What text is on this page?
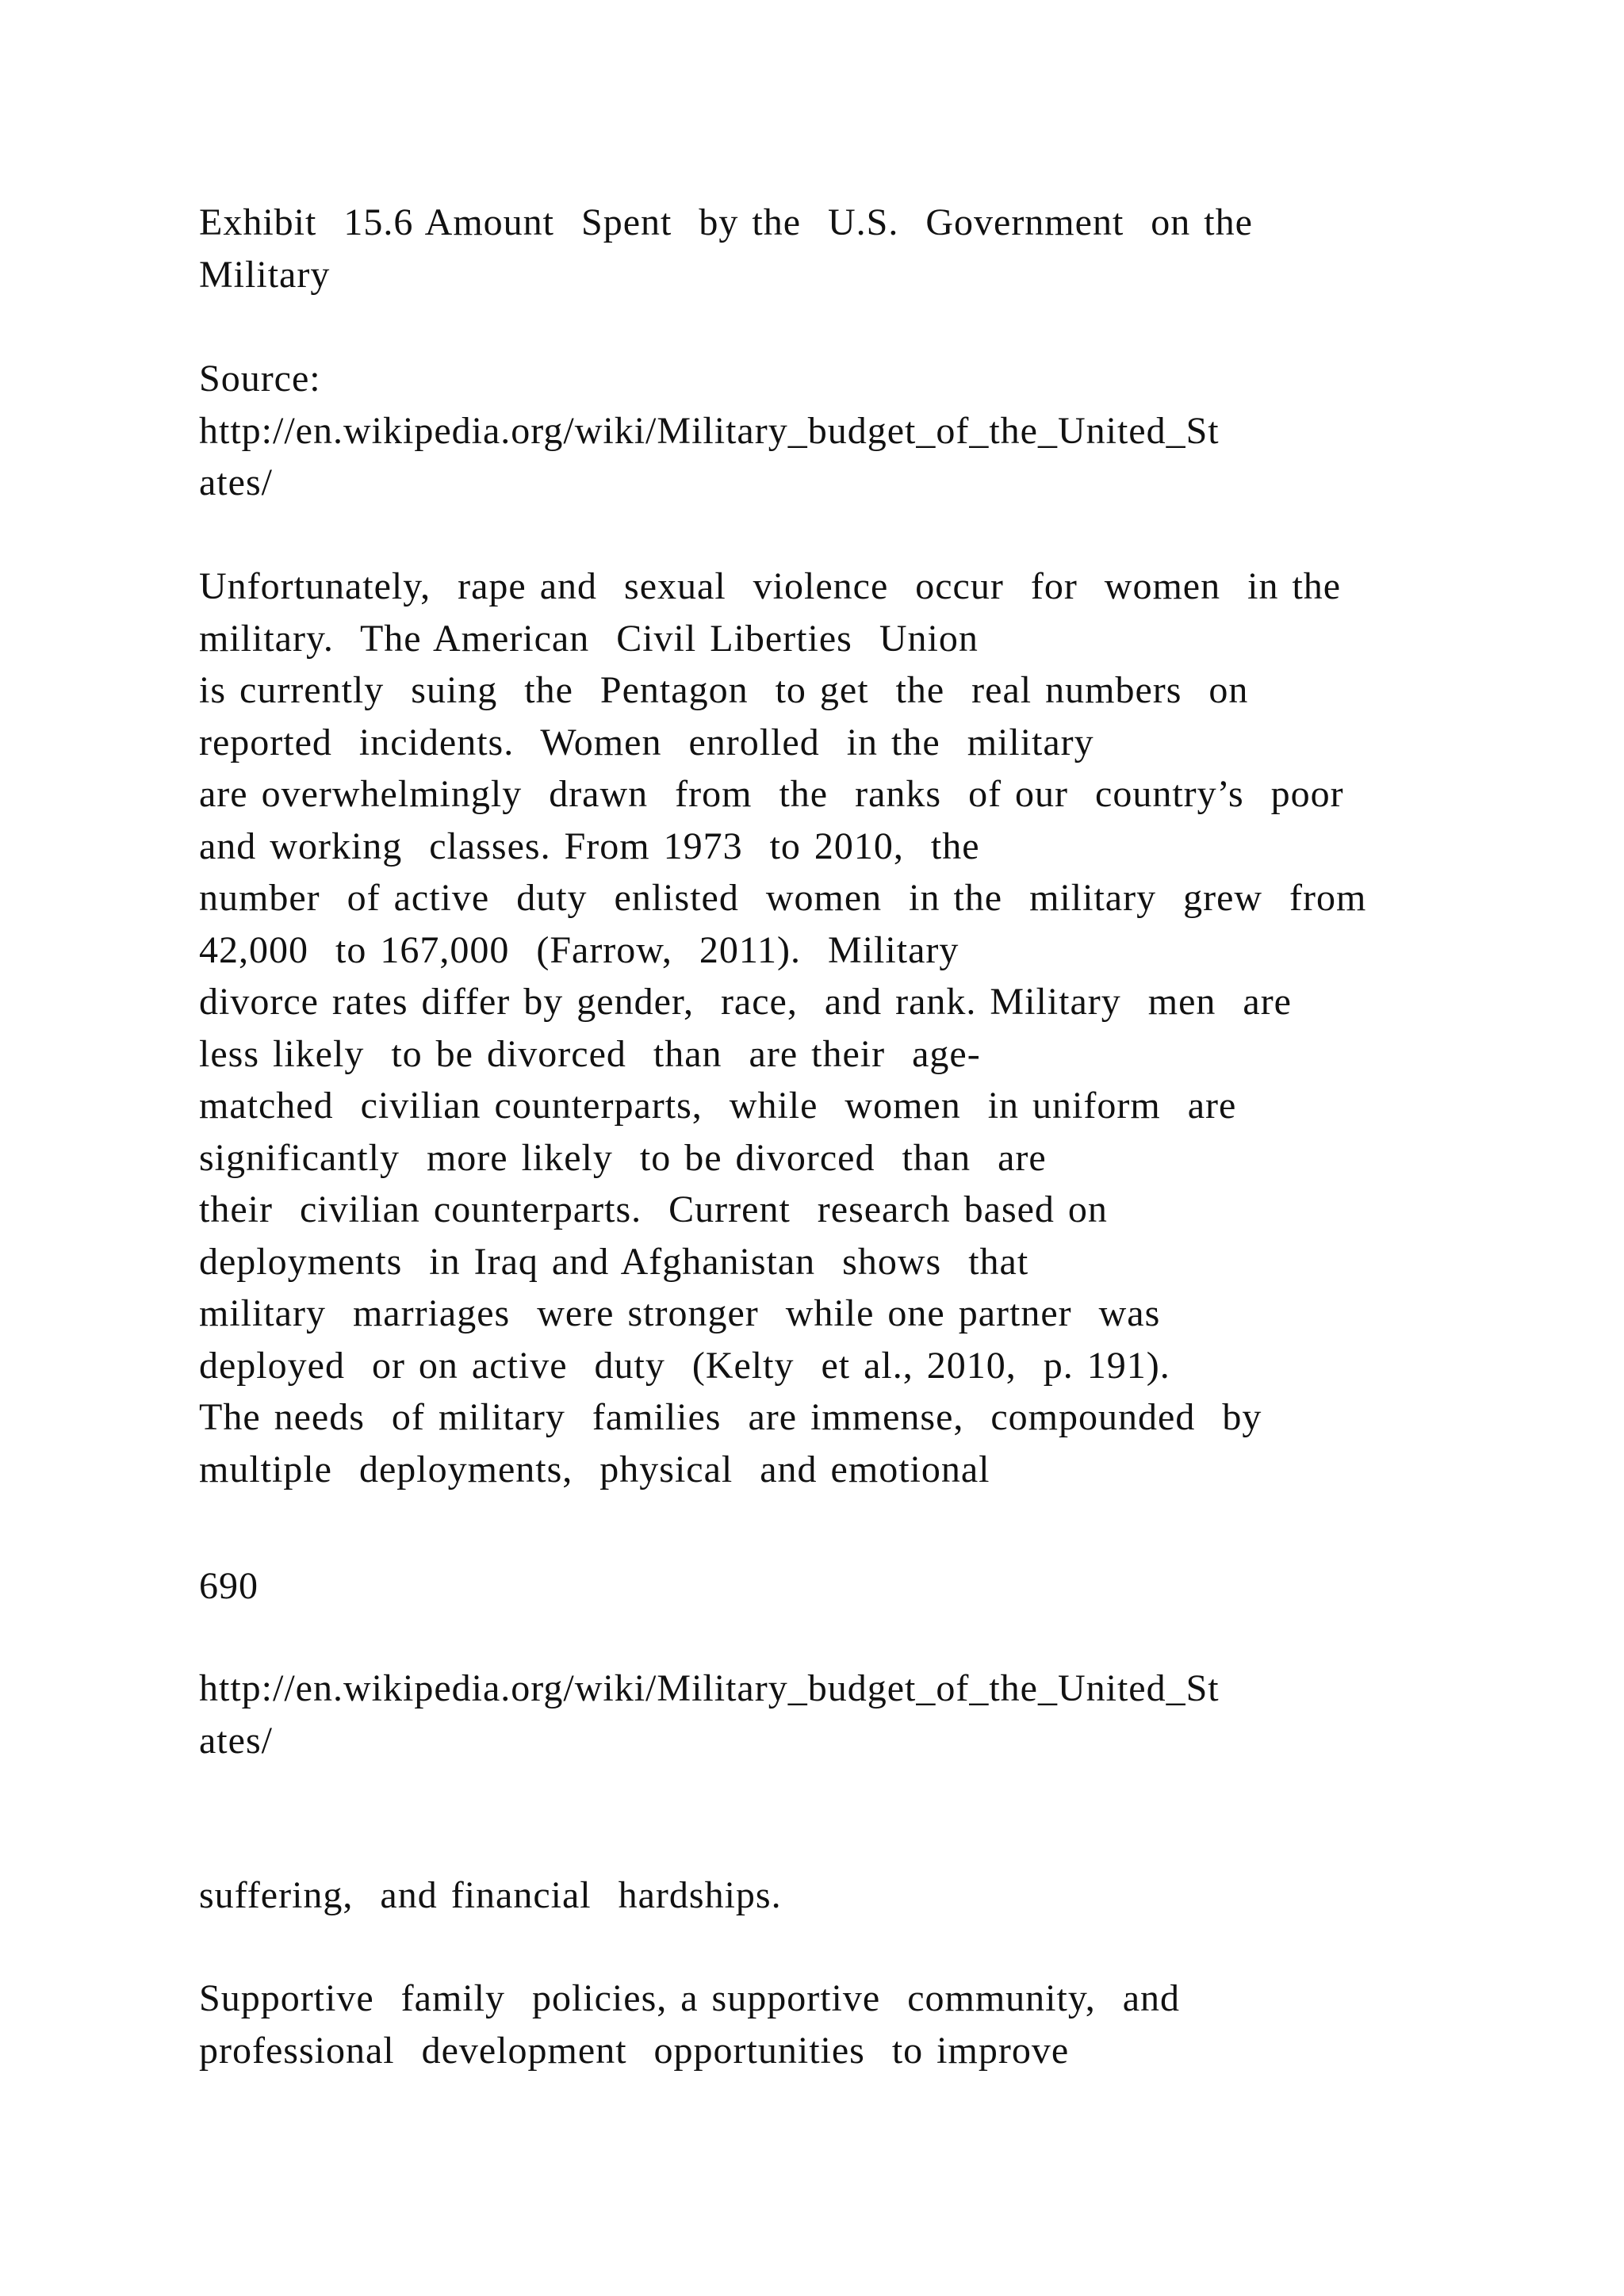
Exhibit  15.6 Amount  Spent  by the  U.S.  Government  on the
Military
Source:
http://en.wikipedia.org/wiki/Military_budget_of_the_United_St
ates/
Unfortunately,  rape and  sexual  violence  occur  for  women  in the
military.  The American  Civil Liberties  Union
is currently  suing  the  Pentagon  to get  the  real numbers  on
reported  incidents.  Women  enrolled  in the  military
are overwhelmingly  drawn  from  the  ranks  of our  country’s  poor
and working  classes. From 1973  to 2010,  the
number  of active  duty  enlisted  women  in the  military  grew  from
42,000  to 167,000  (Farrow,  2011).  Military
divorce rates differ by gender,  race,  and rank. Military  men  are
less likely  to be divorced  than  are their  age-
matched  civilian counterparts,  while  women  in uniform  are
significantly  more likely  to be divorced  than  are
their  civilian counterparts.  Current  research based on
deployments  in Iraq and Afghanistan  shows  that
military  marriages  were stronger  while one partner  was
deployed  or on active  duty  (Kelty  et al., 2010,  p. 191).
The needs  of military  families  are immense,  compounded  by
multiple  deployments,  physical  and emotional
690
http://en.wikipedia.org/wiki/Military_budget_of_the_United_St
ates/
suffering,  and financial  hardships.
Supportive  family  policies, a supportive  community,  and
professional  development  opportunities  to improve
